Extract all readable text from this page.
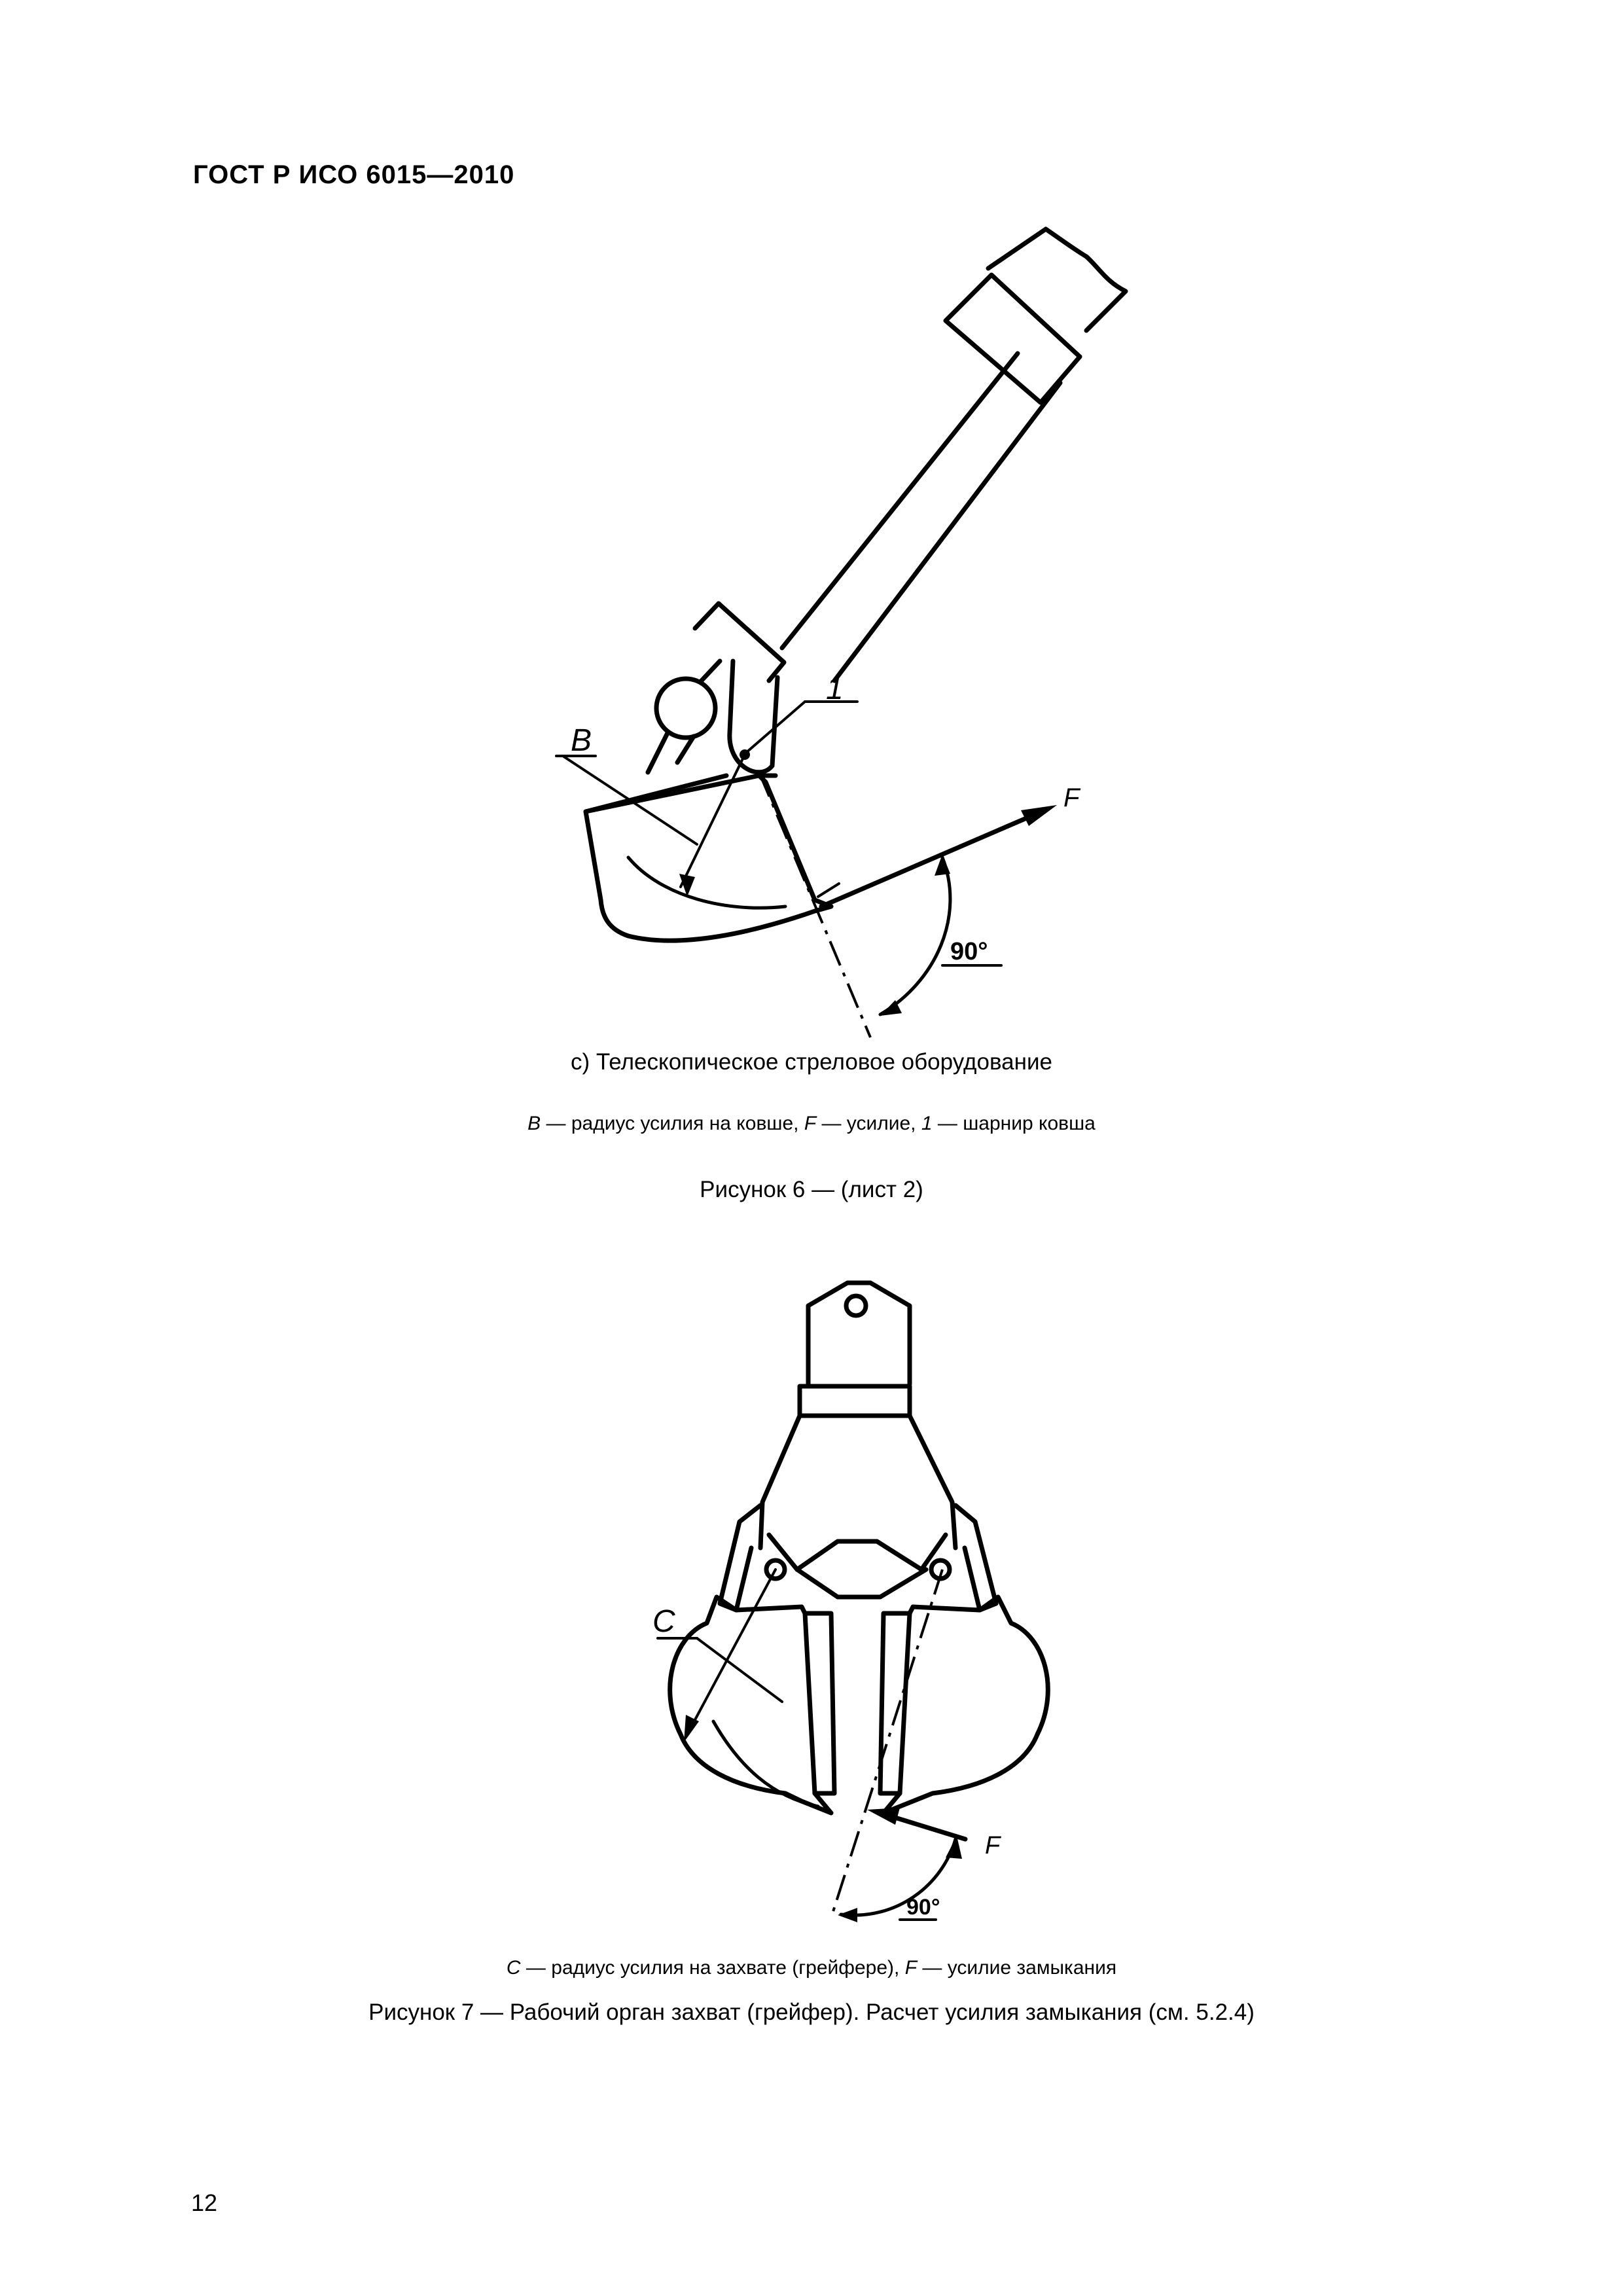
ГОСТ Р ИСО 6015—2010
B
1
F
90°
c) Телескопическое стреловое оборудование
B — радиус усилия на ковше, F — усилие, 1 — шарнир ковша
Рисунок 6 — (лист 2)
C
F
90°
C — радиус усилия на захвате (грейфере), F — усилие замыкания
Рисунок 7 — Рабочий орган захват (грейфер). Расчет усилия замыкания (см. 5.2.4)
12
